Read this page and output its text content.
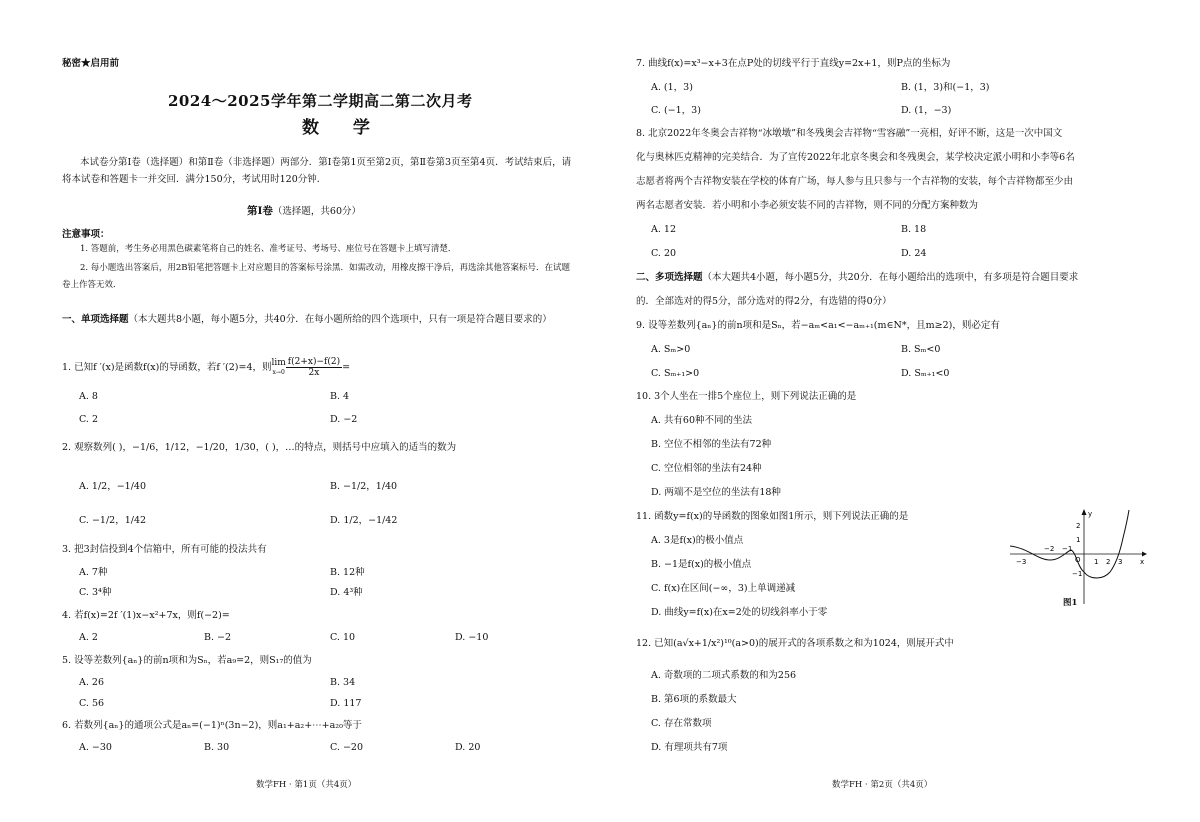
秘密★启用前
2024～2025学年第二学期高二第二次月考
数 学
本试卷分第Ⅰ卷（选择题）和第Ⅱ卷（非选择题）两部分．第Ⅰ卷第1页至第2页，第Ⅱ卷第3页至第4页．考试结束后，请将本试卷和答题卡一并交回．满分150分，考试用时120分钟．
第Ⅰ卷（选择题，共60分）
注意事项：
1. 答题前，考生务必用黑色碳素笔将自己的姓名、准考证号、考场号、座位号在答题卡上填写清楚．
2. 每小题选出答案后，用2B铅笔把答题卡上对应题目的答案标号涂黑．如需改动，用橡皮擦干净后，再选涂其他答案标号．在试题卷上作答无效．
一、单项选择题（本大题共8小题，每小题5分，共40分．在每小题所给的四个选项中，只有一项是符合题目要求的）
1. 已知f ′(x)是函数f(x)的导函数，若f ′(2)=4，则 lim
$x\to 0 \frac{f(2+x)-f(2)}{2x}$ =
A. 8	B. 4
C. 2	D. −2
2. 观察数列( )，−1/6，1/12，−1/20，1/30，( )，…的特点，则括号中应填入的适当的数为
A. 1/2，−1/40	B. −1/2，1/40
C. −1/2，1/42	D. 1/2，−1/42
3. 把3封信投到4个信箱中，所有可能的投法共有
A. 7种	B. 12种
C. 3⁴种	D. 4³种
4. 若f(x)=2f ′(1)x−x²+7x，则f(−2)=
A. 2	B. −2	C. 10	D. −10
5. 设等差数列{aₙ}的前n项和为Sₙ，若a₉=2，则S₁₇的值为
A. 26	B. 34
C. 56	D. 117
6. 若数列{aₙ}的通项公式是aₙ=(−1)ⁿ(3n−2)，则a₁+a₂+⋯+a₂₀等于
A. −30	B. 30	C. −20	D. 20
数学FH · 第1页（共4页）
7. 曲线f(x)=x³−x+3在点P处的切线平行于直线y=2x+1，则P点的坐标为
A. (1，3)	B. (1，3)和(−1，3)
C. (−1，3)	D. (1，−3)
8. 北京2022年冬奥会吉祥物“冰墩墩”和冬残奥会吉祥物“雪容融”一亮相，好评不断，这是一次中国文
化与奥林匹克精神的完美结合．为了宣传2022年北京冬奥会和冬残奥会，某学校决定派小明和小李等6名
志愿者将两个吉祥物安装在学校的体育广场，每人参与且只参与一个吉祥物的安装，每个吉祥物都至少由
两名志愿者安装．若小明和小李必须安装不同的吉祥物，则不同的分配方案种数为
A. 12	B. 18
C. 20	D. 24
二、多项选择题（本大题共4小题，每小题5分，共20分．在每小题给出的选项中，有多项是符合题目要求
的．全部选对的得5分，部分选对的得2分，有选错的得0分）
9. 设等差数列{aₙ}的前n项和是Sₙ，若−aₘ<a₁<−aₘ₊₁(m∈N*，且m≥2)，则必定有
A. Sₘ>0	B. Sₘ<0
C. Sₘ₊₁>0	D. Sₘ₊₁<0
10. 3个人坐在一排5个座位上，则下列说法正确的是
A. 共有60种不同的坐法
B. 空位不相邻的坐法有72种
C. 空位相邻的坐法有24种
D. 两端不是空位的坐法有18种
11. 函数y=f(x)的导函数的图象如图1所示，则下列说法正确的是
A. 3是f(x)的极小值点
B. −1是f(x)的极小值点
C. f(x)在区间(−∞，3)上单调递减
D. 曲线y=f(x)在x=2处的切线斜率小于零
y
x
O
2
1
−1
−3
−2 −1
1 2 3
图1
12. 已知(a√x+1/x²)¹⁰(a>0)的展开式的各项系数之和为1024，则展开式中
A. 奇数项的二项式系数的和为256
B. 第6项的系数最大
C. 存在常数项
D. 有理项共有7项
数学FH · 第2页（共4页）
